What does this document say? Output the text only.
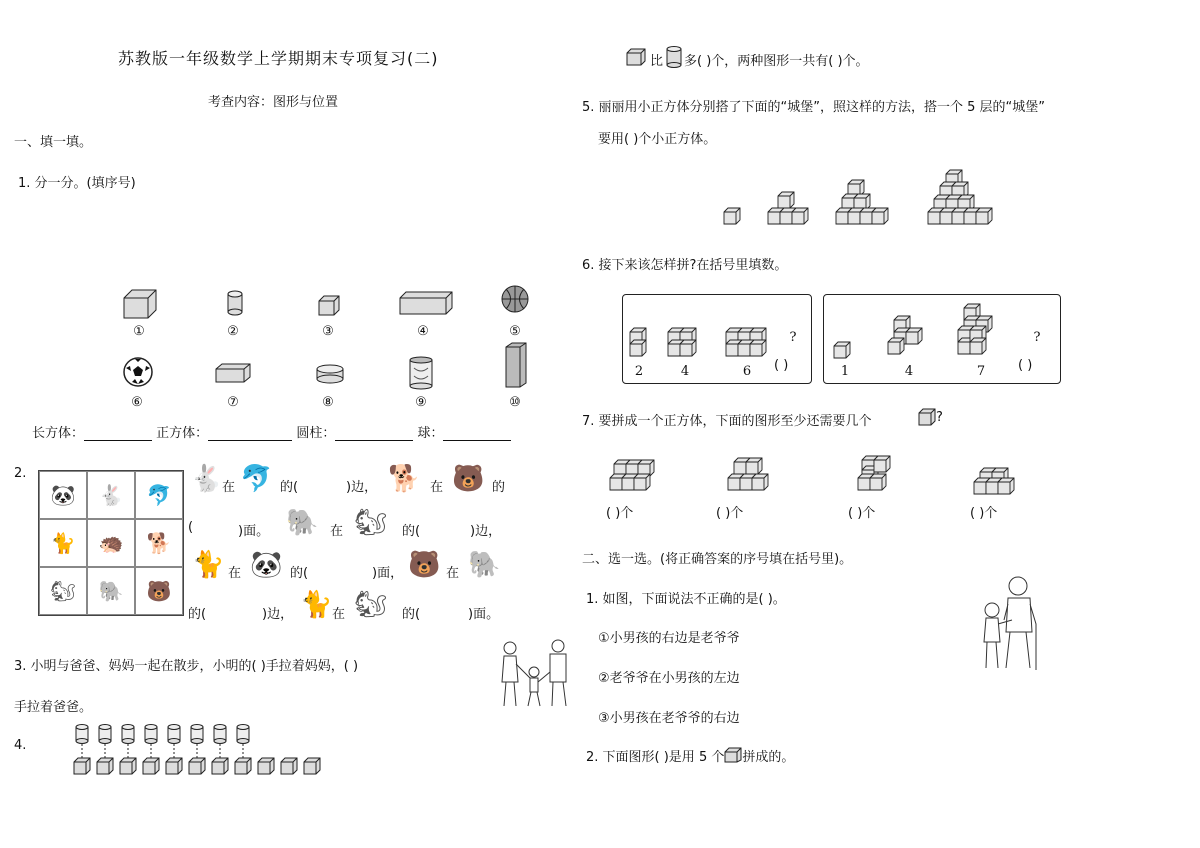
苏教版一年级数学上学期期末专项复习(二)
考查内容：图形与位置
一、填一填。
1. 分一分。(填序号)
①	②	③	④	⑤
⑥	⑦	⑧	⑨	⑩
长方体：	正方体：	圆柱：	球：
2.
🐼	🐇	🐬
🐈	🦔	🐕
🐿	🐘	🐻
🐇 在 🐬 的(	)边， 🐕 在 🐻 的
(	)面。 🐘 在 🐿 的(	)边，
🐈 在 🐼 的(	)面， 🐻 在 🐘
的(	)边， 🐈 在 🐿 的(	)面。
3. 小明与爸爸、妈妈一起在散步，小明的( )手拉着妈妈，( )
手拉着爸爸。
4.
比 多( )个，两种图形一共有( )个。
5. 丽丽用小正方体分别搭了下面的“城堡”，照这样的方法，搭一个 5 层的“城堡”
要用( )个小正方体。
6. 接下来该怎样拼?在括号里填数。
2	4	6
?
( )	1	4	7
?
( )
7. 要拼成一个正方体，下面的图形至少还需要几个	?
( )个	( )个	( )个	( )个
二、选一选。(将正确答案的序号填在括号里)。
1. 如图，下面说法不正确的是( )。
①小男孩的右边是老爷爷
②老爷爷在小男孩的左边
③小男孩在老爷爷的右边
2. 下面图形( )是用 5 个 拼成的。
